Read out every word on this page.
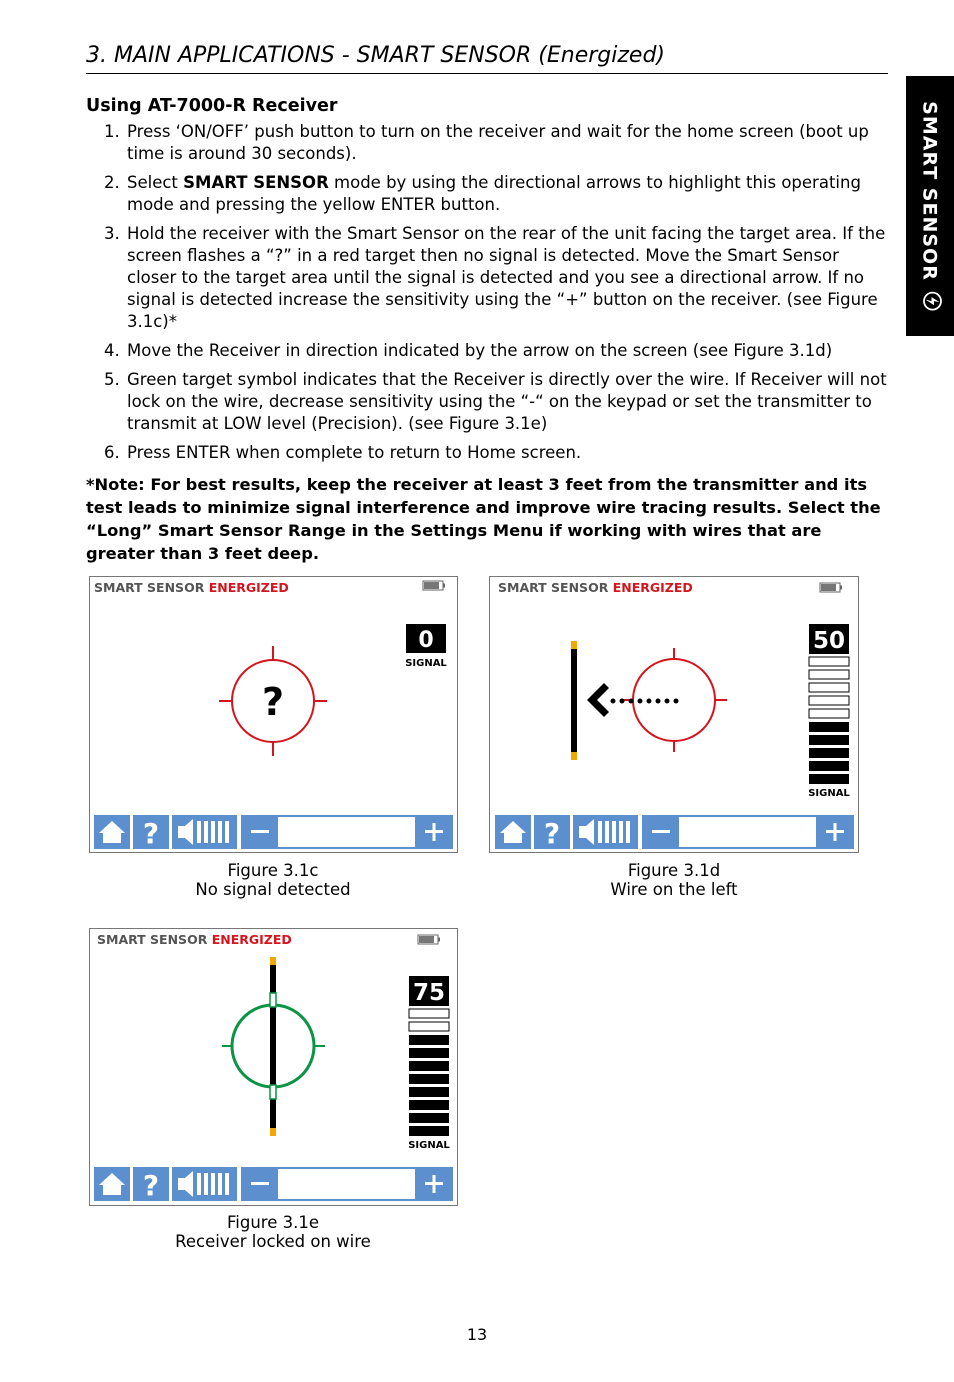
3. MAIN APPLICATIONS - SMART SENSOR (Energized)
SMART SENSOR
Using AT-7000-R Receiver
1. Press ‘ON/OFF’ push button to turn on the receiver and wait for the home screen (boot up time is around 30 seconds).
2. Select SMART SENSOR mode by using the directional arrows to highlight this operating mode and pressing the yellow ENTER button.
3. Hold the receiver with the Smart Sensor on the rear of the unit facing the target area. If the screen flashes a “?” in a red target then no signal is detected. Move the Smart Sensor closer to the target area until the signal is detected and you see a directional arrow. If no signal is detected increase the sensitivity using the “+” button on the receiver. (see Figure 3.1c)*
4. Move the Receiver in direction indicated by the arrow on the screen (see Figure 3.1d)
5. Green target symbol indicates that the Receiver is directly over the wire. If Receiver will not lock on the wire, decrease sensitivity using the “-“ on the keypad or set the transmitter to transmit at LOW level (Precision). (see Figure 3.1e)
6. Press ENTER when complete to return to Home screen.
*Note: For best results, keep the receiver at least 3 feet from the transmitter and its test leads to minimize signal interference and improve wire tracing results. Select the “Long” Smart Sensor Range in the Settings Menu if working with wires that are greater than 3 feet deep.
SMART SENSOR ENERGIZED
0
SIGNAL
?
?
Figure 3.1c
No signal detected
SMART SENSOR ENERGIZED
50
SIGNAL
?
Figure 3.1d
Wire on the left
SMART SENSOR ENERGIZED
75
SIGNAL
?
Figure 3.1e
Receiver locked on wire
13
